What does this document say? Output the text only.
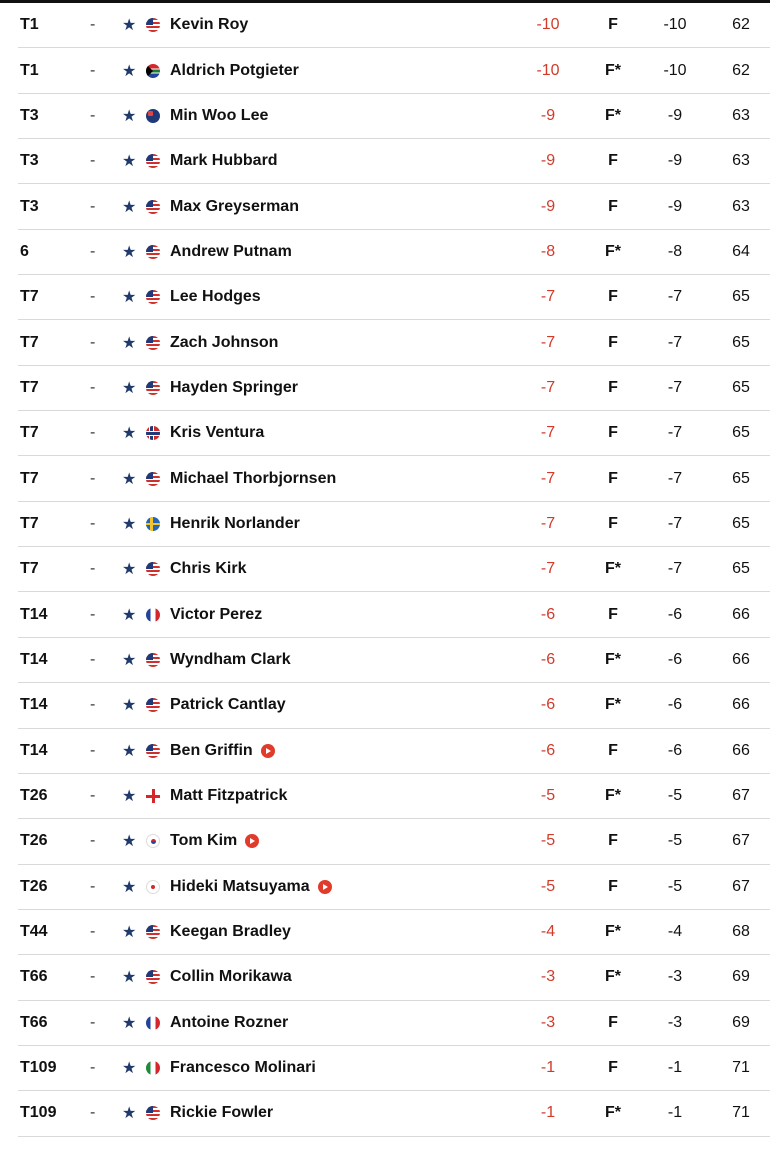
T1	-	★ Kevin Roy	-10	F	-10	62
T1	-	★ Aldrich Potgieter	-10	F*	-10	62
T3	-	★ Min Woo Lee	-9	F*	-9	63
T3	-	★ Mark Hubbard	-9	F	-9	63
T3	-	★ Max Greyserman	-9	F	-9	63
6	-	★ Andrew Putnam	-8	F*	-8	64
T7	-	★ Lee Hodges	-7	F	-7	65
T7	-	★ Zach Johnson	-7	F	-7	65
T7	-	★ Hayden Springer	-7	F	-7	65
T7	-	★ Kris Ventura	-7	F	-7	65
T7	-	★ Michael Thorbjornsen	-7	F	-7	65
T7	-	★ Henrik Norlander	-7	F	-7	65
T7	-	★ Chris Kirk	-7	F*	-7	65
T14	-	★ Victor Perez	-6	F	-6	66
T14	-	★ Wyndham Clark	-6	F*	-6	66
T14	-	★ Patrick Cantlay	-6	F*	-6	66
T14	-	★ Ben Griffin	-6	F	-6	66
T26	-	★ Matt Fitzpatrick	-5	F*	-5	67
T26	-	★ Tom Kim	-5	F	-5	67
T26	-	★ Hideki Matsuyama	-5	F	-5	67
T44	-	★ Keegan Bradley	-4	F*	-4	68
T66	-	★ Collin Morikawa	-3	F*	-3	69
T66	-	★ Antoine Rozner	-3	F	-3	69
T109	-	★ Francesco Molinari	-1	F	-1	71
T109	-	★ Rickie Fowler	-1	F*	-1	71
